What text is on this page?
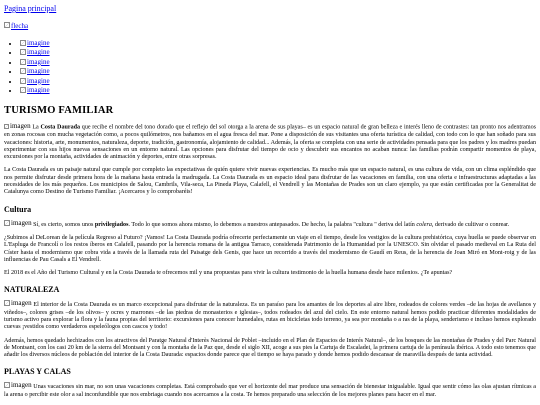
Pagina principal
flecha
• imagine
• imagine
• imagine
• imagine
• imagine
• imagine
TURISMO FAMILIAR

imagen La Costa Daurada que recibe el nombre del tono dorado que el reflejo del sol otorga a la arena de sus playas– es un espacio natural de gran belleza e interés lleno de contrastes: tan pronto nos adentramos en zonas rocosas con mucha vegetación como, a pocos quilómetros, nos bañamos en el agua fresca del mar. Pone a disposición de sus visitantes una oferta turística de calidad, con todo con lo que han soñado para sus vacaciones: historia, arte, monumentos, naturaleza, deporte, tradición, gastronomía, alojamiento de calidad... Además, la oferta se completa con una serie de actividades pensada para que los padres y los madres puedan experimentar con sus hijos nuevas sensaciones en un entorno natural. Las opciones para disfrutar del tiempo de ocio y descubrir sus encantos no acaban nunca: las familias podrán compartir momentos de playa, excursiones por la montaña, actividades de animación y deportes, entre otras sorpresas.

La Costa Daurada es un paisaje natural que cumple por completo las expectativas de quién quiere vivir nuevas experiencias. Es mucho más que un espacio natural, es una cultura de vida, con un clima espléndido que nos permite disfrutar desde primera hora de la mañana hasta entrada la madrugada. La Costa Daurada es un espacio ideal para disfrutar de las vacaciones en familia, con una oferta e infraestructuras adaptadas a las necesidades de los más pequeños. Los municipios de Salou, Cambrils, Vila-seca, La Pineda Playa, Calafell, el Vendrell y las Montañas de Prades son un claro ejemplo, ya que están certificadas por la Generalitat de Catalunya como Destino de Turismo Familiar. ¡Acercaros y lo comprobaréis!

Cultura

imagen Sí, es cierto, somos unos privilegiados. Todo lo que somos ahora mismo, lo debemos a nuestros antepasados. De hecho, la palabra "cultura " deriva del latín colera, derivado de cultivar o conrear.

¿Subimos al DeLorean de la película Regreso al Futuro? ¡Vamos! La Costa Daurada podría ofrecerte perfectamente un viaje en el tiempo, desde los vestigios de la cultura prehistórica, cuya huella se puede observar en L'Espluga de Francolí o los restos íberos en Calafell, pasando por la herencia romana de la antigua Tarraco, considerada Patrimonio de la Humanidad por la UNESCO. Sin olvidar el pasado medieval en La Ruta del Císter hasta el modernismo que cobra vida a través de la llamada ruta del Paisatge dels Genis, que hace un recorrido a través del modernismo de Gaudí en Reus, de la herencia de Joan Miró en Mont-roig y de las influencias de Pau Casals a El Vendrell.

El 2018 es el Año del Turismo Cultural y en la Costa Daurada te ofrecemos mil y una propuestas para vivir la cultura testimonio de la huella humana desde hace milenios. ¿Te apuntas?

NATURALEZA

imagen El interior de la Costa Daurada es un marco excepcional para disfrutar de la naturaleza. Es un paraíso para los amantes de los deportes al aire libre, rodeados de colores verdes –de las hojas de avellanos y viñedos–, colores grises –de los olivos– y ocres y marrones –de las piedras de monasterios e iglesias–, todos rodeados del azul del cielo. En este entorno natural hemos podido practicar diferentes modalidades de turismo activo para explorar la flora y la fauna propias del territorio: excursiones para conocer humedales, rutas en bicicletas todo terreno, ya sea por montaña o a ras de la playa, senderismo e incluso hemos explorado cuevas ¡vestidos como verdaderos espeleólogos con cascos y todo!

Además, hemos quedado hechizados con los atractivos del Paratge Natural d'Interès Nacional de Poblet –incluido en el Plan de Espacios de Interés Natural–, de los bosques de las montañas de Prades y del Parc Natural de Montsant, con los casi 20 km de la sierra del Montsant y con la montaña de la Paz que, desde el siglo XII, acoge a sus pies la Cartuja de Escaladei, la primera cartuja de la península ibérica. A todo esto tenemos que añadir los diversos núcleos de población del interior de la Costa Daurada: espacios donde parece que el tiempo se haya parado y donde hemos podido descansar de maravilla después de tanta actividad.

PLAYAS Y CALAS

imagen Unas vacaciones sin mar, no son unas vacaciones completas. Está comprobado que ver el horizonte del mar produce una sensación de bienestar inigualable. Igual que sentir cómo las olas ajustan rítmicas a la arena o percibir este olor a sal inconfundible que nos embriaga cuando nos acercamos a la costa. Te hemos preparado una selección de los mejores planes para hacer en el mar.
